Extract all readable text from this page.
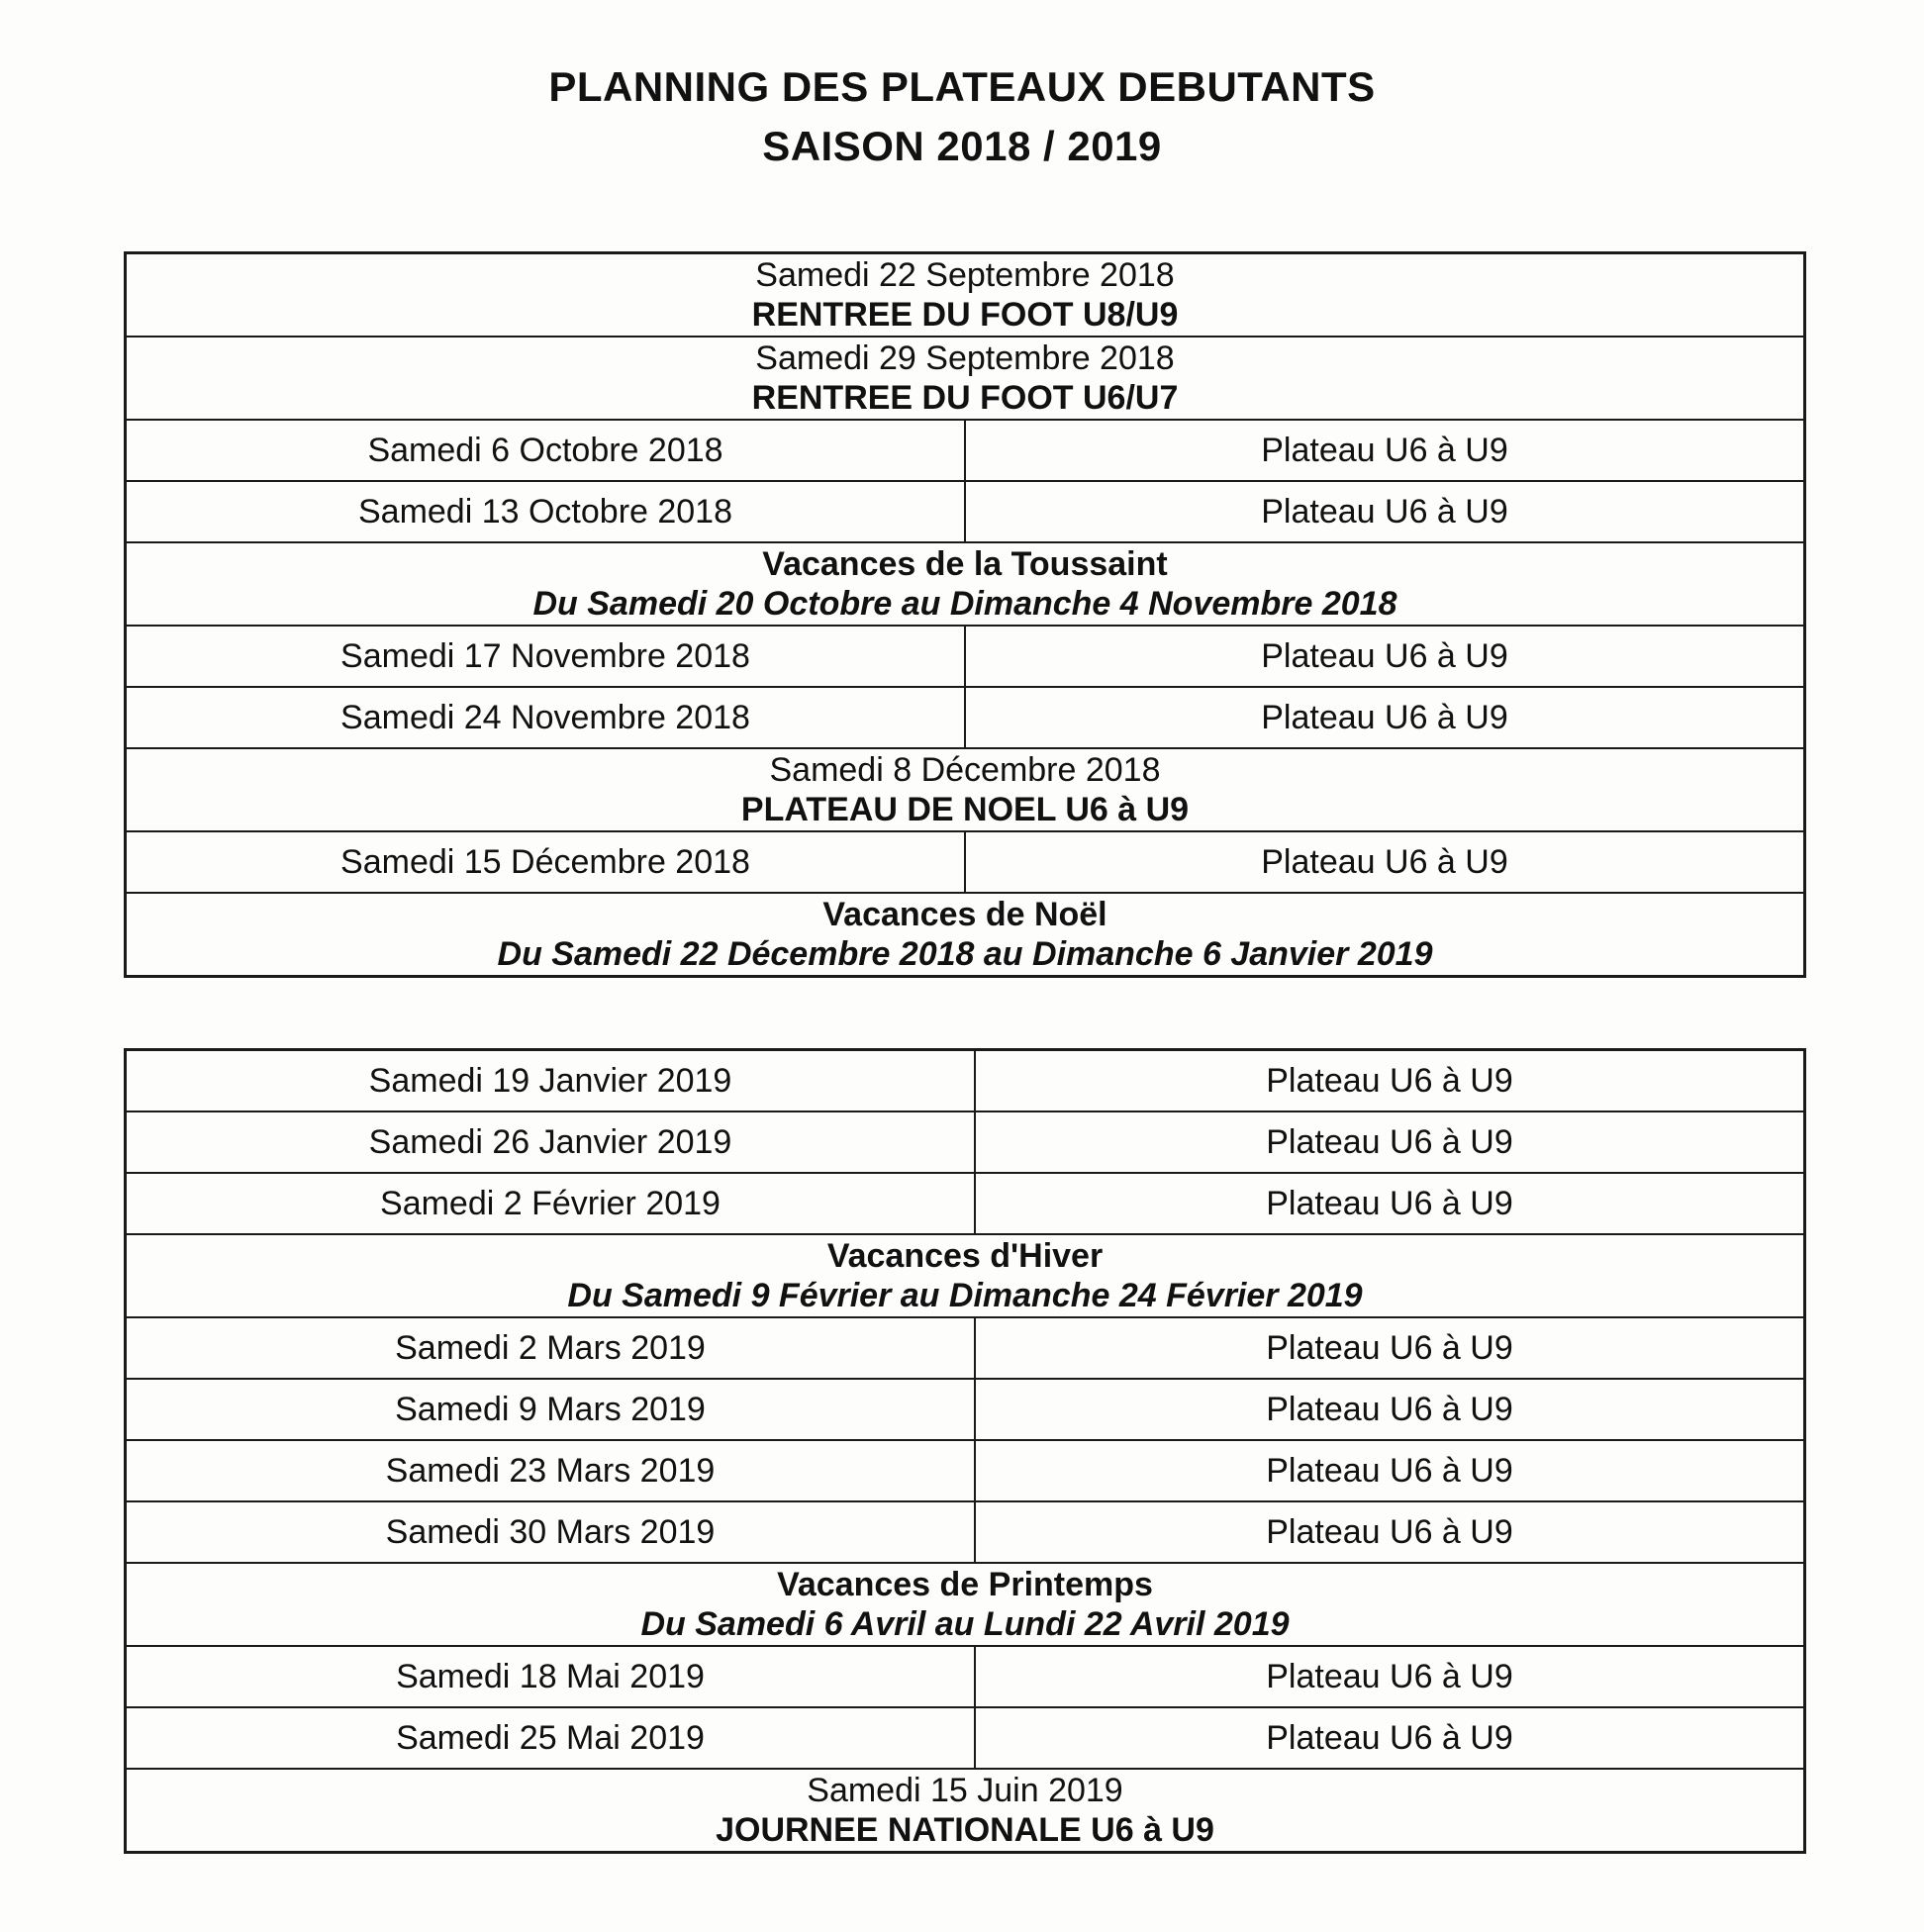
PLANNING DES PLATEAUX DEBUTANTS
SAISON 2018 / 2019
Samedi 22 Septembre 2018
RENTREE DU FOOT U8/U9	

Samedi 29 Septembre 2018
RENTREE DU FOOT U6/U7	

Samedi 6 Octobre 2018	Plateau U6 à U9
Samedi 13 Octobre 2018	Plateau U6 à U9

Vacances de la Toussaint
Du Samedi 20 Octobre au Dimanche 4 Novembre 2018	

Samedi 17 Novembre 2018	Plateau U6 à U9
Samedi 24 Novembre 2018	Plateau U6 à U9

Samedi 8 Décembre 2018
PLATEAU DE NOEL U6 à U9	

Samedi 15 Décembre 2018	Plateau U6 à U9

Vacances de Noël
Du Samedi 22 Décembre 2018 au Dimanche 6 Janvier 2019	
Samedi 19 Janvier 2019	Plateau U6 à U9
Samedi 26 Janvier 2019	Plateau U6 à U9
Samedi 2 Février 2019	Plateau U6 à U9

Vacances d'Hiver
Du Samedi 9 Février au Dimanche 24 Février 2019	

Samedi 2 Mars 2019	Plateau U6 à U9
Samedi 9 Mars 2019	Plateau U6 à U9
Samedi 23 Mars 2019	Plateau U6 à U9
Samedi 30 Mars 2019	Plateau U6 à U9

Vacances de Printemps
Du Samedi 6 Avril au Lundi 22 Avril 2019	

Samedi 18 Mai 2019	Plateau U6 à U9
Samedi 25 Mai 2019	Plateau U6 à U9

Samedi 15 Juin 2019
JOURNEE NATIONALE U6 à U9	
